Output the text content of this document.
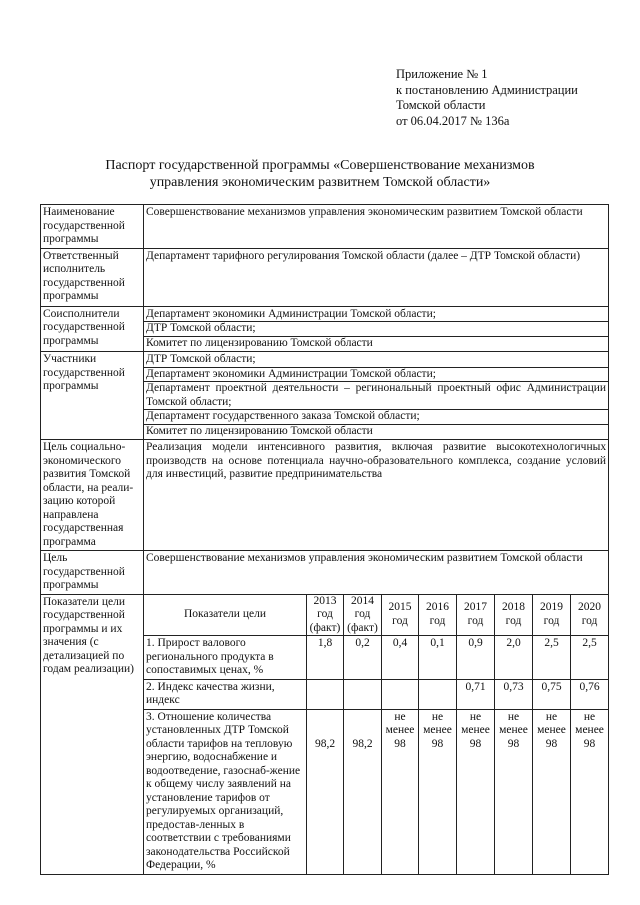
Приложение № 1
к постановлению Администрации
Томской области
от 06.04.2017 № 136а
Паспорт государственной программы «Совершенствование механизмов
управления экономическим развитнем Томской области»
Наименование государственной программы	Совершенствование механизмов управления экономическим развитием Томской области								
Ответственный исполнитель государственной программы	Департамент тарифного регулирования Томской области (далее – ДТР Томской области)								
Соисполнители государственной программы	Департамент экономики Администрации Томской области;
ДТР Томской области;
Комитет по лицензированию Томской области								

Участники государственной программы	ДТР Томской области;
Департамент экономики Администрации Томской области;
Департамент проектной деятельности – регинональный проектный офис Администрации Томской области;
Департамент государственного заказа Томской области;
Комитет по лицензированию Томской области								

Цель социально-экономического развития Томской области, на реали-зацию которой направлена государственная программа	Реализация модели интенсивного развития, включая развитие высокотехнологичных производств на основе потенциала научно-образовательного комплекса, создание условий для инвестиций, развитие предпринимательства								
Цель государственной программы	Совершенствование механизмов управления экономическим развитием Томской области								
Показатели цели государственной программы и их значения (с детализацией по годам реализации)	Показатели цели	2013 год (факт)	2014 год (факт)	2015 год	2016 год	2017 год	2018 год	2019 год	2020 год
	1. Прирост валового регионального продукта в сопоставимых ценах, %	1,8	0,2	0,4	0,1	0,9	2,0	2,5	2,5
	2. Индекс качества жизни, индекс					0,71	0,73	0,75	0,76
	3. Отношение количества установленных ДТР Томской области тарифов на тепловую энергию, водоснабжение и водоотведение, газоснаб-жение к общему числу заявлений на установление тарифов от регулируемых организаций, предостав-ленных в соответствии с требованиями законодательства Российской Федерации, %	98,2	98,2	не менее 98	не менее 98	не менее 98	не менее 98	не менее 98	не менее 98
